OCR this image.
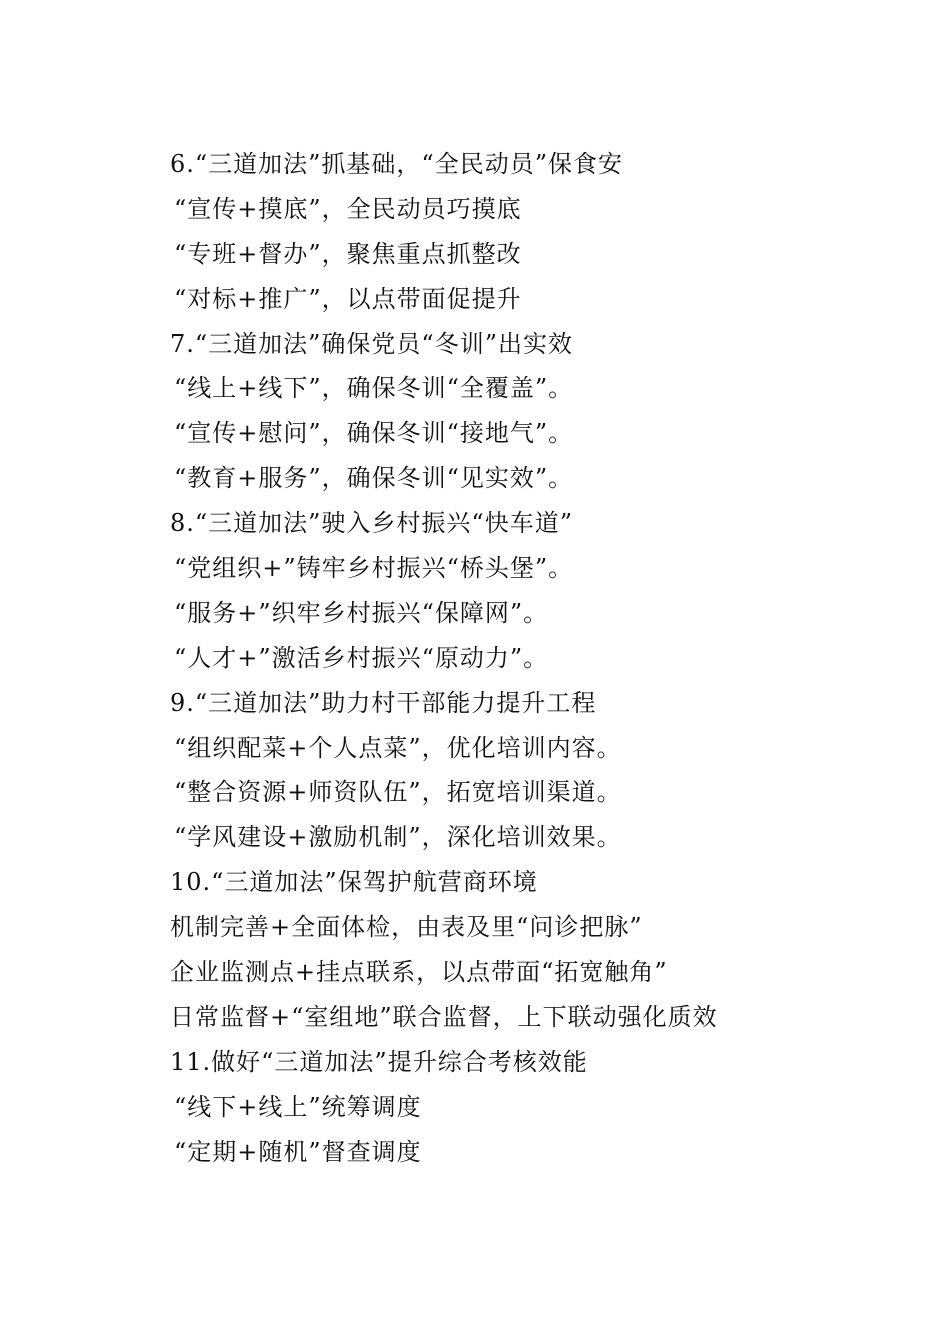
6.“三道加法”抓基础，“全民动员”保食安
“宣传+摸底”，全民动员巧摸底
“专班+督办”，聚焦重点抓整改
“对标+推广”，以点带面促提升
7.“三道加法”确保党员“冬训”出实效
“线上+线下”，确保冬训“全覆盖”。
“宣传+慰问”，确保冬训“接地气”。
“教育+服务”，确保冬训“见实效”。
8.“三道加法”驶入乡村振兴“快车道”
“党组织+”铸牢乡村振兴“桥头堡”。
“服务+”织牢乡村振兴“保障网”。
“人才+”激活乡村振兴“原动力”。
9.“三道加法”助力村干部能力提升工程
“组织配菜+个人点菜”，优化培训内容。
“整合资源+师资队伍”，拓宽培训渠道。
“学风建设+激励机制”，深化培训效果。
10.“三道加法”保驾护航营商环境
机制完善+全面体检，由表及里“问诊把脉”
企业监测点+挂点联系，以点带面“拓宽触角”
日常监督+“室组地”联合监督，上下联动强化质效
11.做好“三道加法”提升综合考核效能
“线下+线上”统筹调度
“定期+随机”督查调度
